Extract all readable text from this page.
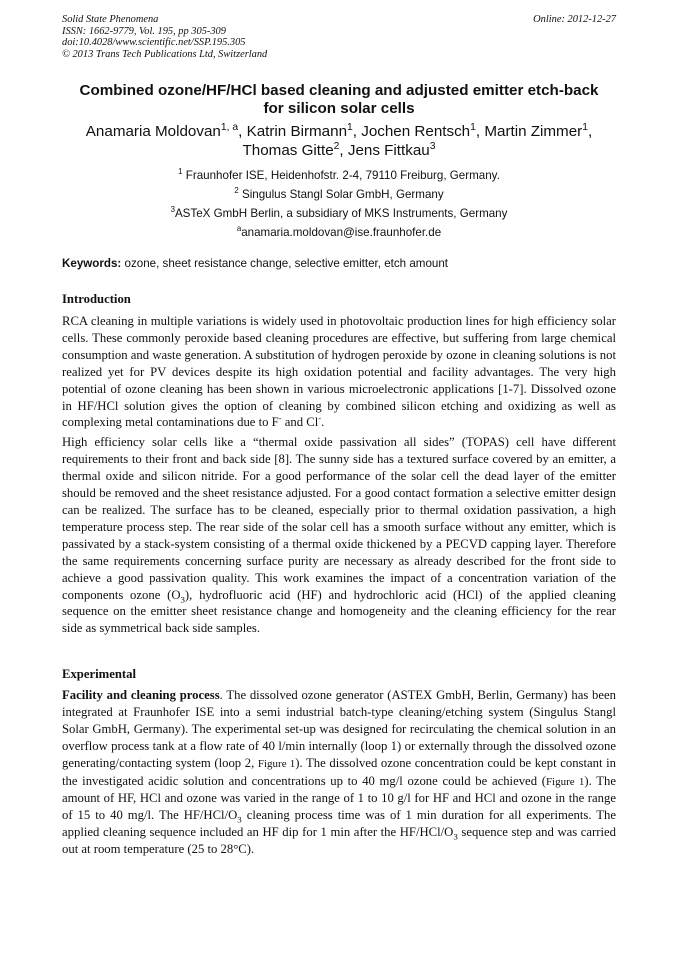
Solid State Phenomena
ISSN: 1662-9779, Vol. 195, pp 305-309
doi:10.4028/www.scientific.net/SSP.195.305
© 2013 Trans Tech Publications Ltd, Switzerland
Online: 2012-12-27
Combined ozone/HF/HCl based cleaning and adjusted emitter etch-back
for silicon solar cells
Anamaria Moldovan$^{1, a}$, Katrin Birmann$^1$, Jochen Rentsch$^1$, Martin Zimmer$^1$,
Thomas Gitte$^2$, Jens Fittkau$^3$
$^1$ Fraunhofer ISE, Heidenhofstr. 2-4, 79110 Freiburg, Germany.
$^2$ Singulus Stangl Solar GmbH, Germany
$^3$ASTeX GmbH Berlin, a subsidiary of MKS Instruments, Germany
$^a$anamaria.moldovan@ise.fraunhofer.de
Keywords: ozone, sheet resistance change, selective emitter, etch amount
Introduction

RCA cleaning in multiple variations is widely used in photovoltaic production lines for high efficiency solar cells. These commonly peroxide based cleaning procedures are effective, but suffering from large chemical consumption and waste generation. A substitution of hydrogen peroxide by ozone in cleaning solutions is not realized yet for PV devices despite its high oxidation potential and facility advantages. The very high potential of ozone cleaning has been shown in various microelectronic applications [1-7]. Dissolved ozone in HF/HCl solution gives the option of cleaning by combined silicon etching and oxidizing as well as complexing metal contaminations due to F- and Cl-.

High efficiency solar cells like a “thermal oxide passivation all sides” (TOPAS) cell have different requirements to their front and back side [8]. The sunny side has a textured surface covered by an emitter, a thermal oxide and silicon nitride. For a good performance of the solar cell the dead layer of the emitter should be removed and the sheet resistance adjusted. For a good contact formation a selective emitter design can be realized. The surface has to be cleaned, especially prior to thermal oxidation passivation, a high temperature process step. The rear side of the solar cell has a smooth surface without any emitter, which is passivated by a stack-system consisting of a thermal oxide thickened by a PECVD capping layer. Therefore the same requirements concerning surface purity are necessary as already described for the front side to achieve a good passivation quality. This work examines the impact of a concentration variation of the components ozone $(O_3)$, hydrofluoric acid (HF) and hydrochloric acid (HCl) of the applied cleaning sequence on the emitter sheet resistance change and homogeneity and the cleaning efficiency for the rear side as symmetrical back side samples.

Experimental

Facility and cleaning process. The dissolved ozone generator (ASTEX GmbH, Berlin, Germany) has been integrated at Fraunhofer ISE into a semi industrial batch-type cleaning/etching system (Singulus Stangl Solar GmbH, Germany). The experimental set-up was designed for recirculating the chemical solution in an overflow process tank at a flow rate of 40 l/min internally (loop 1) or externally through the dissolved ozone generating/contacting system (loop 2, Figure 1). The dissolved ozone concentration could be kept constant in the investigated acidic solution and concentrations up to 40 mg/l ozone could be achieved (Figure 1). The amount of HF, HCl and ozone was varied in the range of 1 to 10 g/l for HF and HCl and ozone in the range of 15 to 40 mg/l. The $HF/HCl/O_3$ cleaning process time was of 1 min duration for all experiments. The applied cleaning sequence included an HF dip for 1 min after the $HF/HCl/O_3$ sequence step and was carried out at room temperature (25 to 28°C).
